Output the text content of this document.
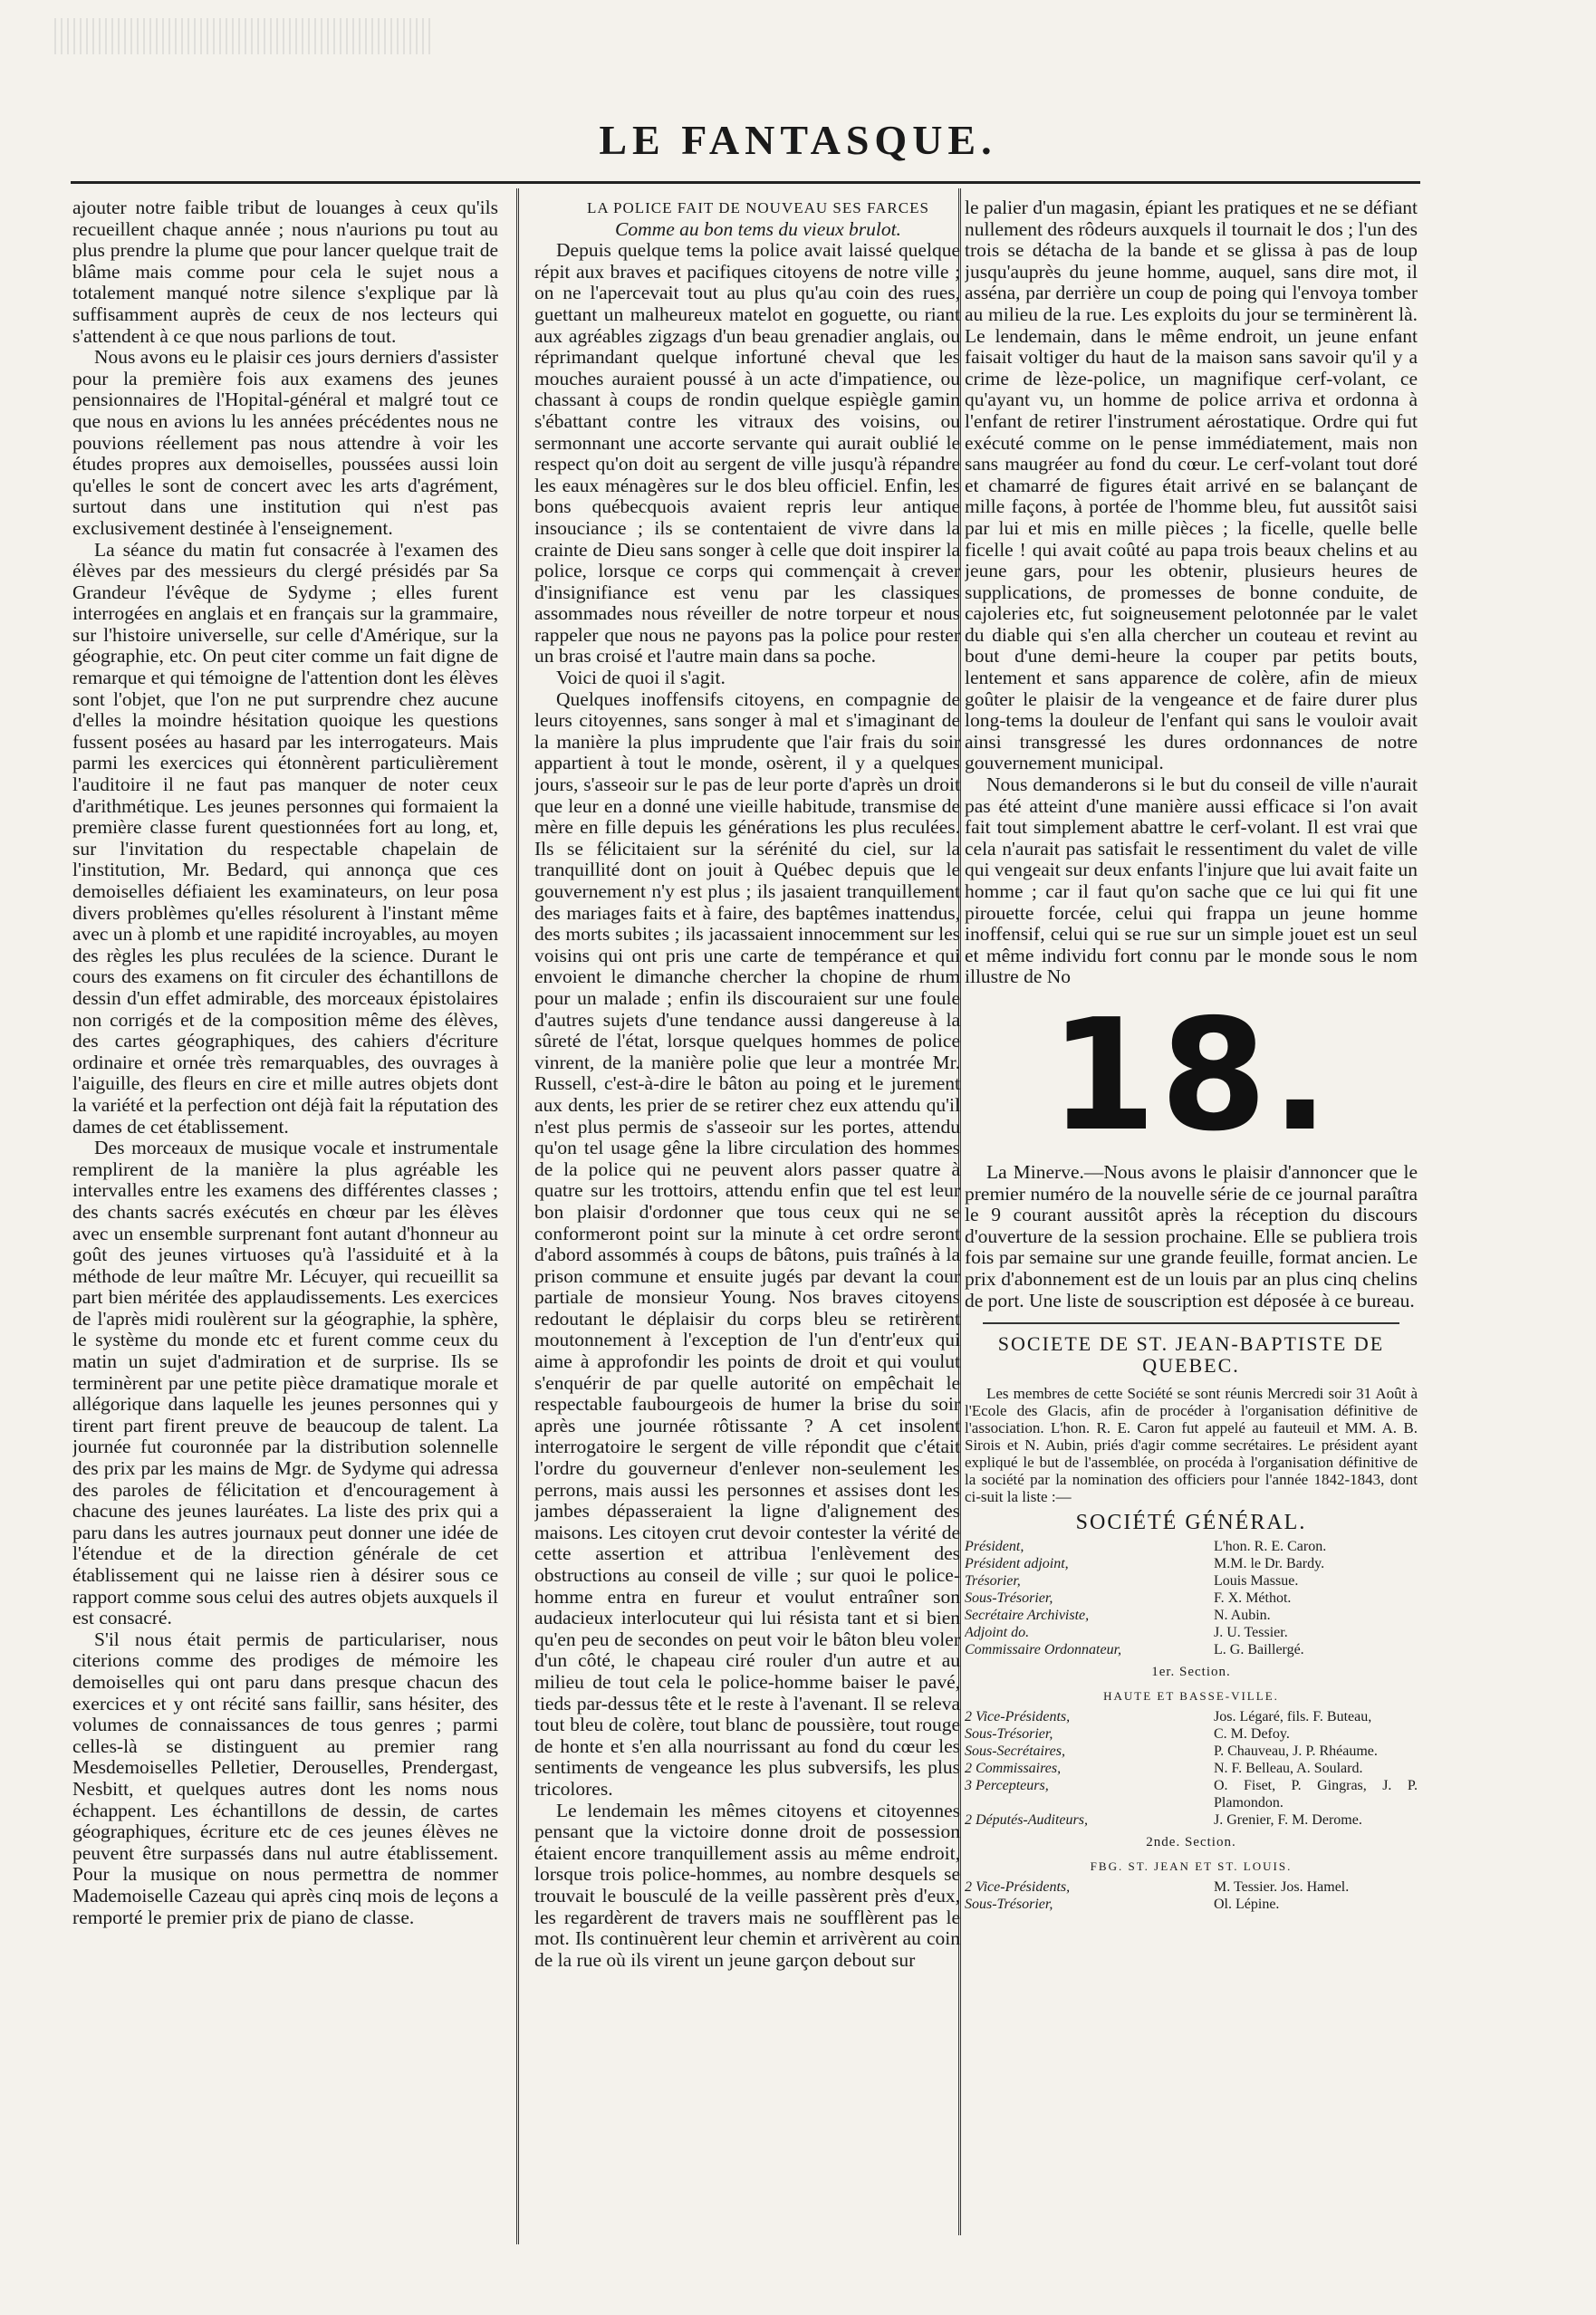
LE FANTASQUE.

ajouter notre faible tribut de louanges à ceux qu'ils recueillent chaque année ; nous n'aurions pu tout au plus prendre la plume que pour lancer quelque trait de blâme mais comme pour cela le sujet nous a totalement manqué notre silence s'explique par là suffisamment auprès de ceux de nos lecteurs qui s'attendent à ce que nous parlions de tout.

Nous avons eu le plaisir ces jours derniers d'assister pour la première fois aux examens des jeunes pensionnaires de l'Hopital-général et malgré tout ce que nous en avions lu les années précédentes nous ne pouvions réellement pas nous attendre à voir les études propres aux demoiselles, poussées aussi loin qu'elles le sont de concert avec les arts d'agrément, surtout dans une institution qui n'est pas exclusivement destinée à l'enseignement.

La séance du matin fut consacrée à l'examen des élèves par des messieurs du clergé présidés par Sa Grandeur l'évêque de Sydyme ; elles furent interrogées en anglais et en français sur la grammaire, sur l'histoire universelle, sur celle d'Amérique, sur la géographie, etc. On peut citer comme un fait digne de remarque et qui témoigne de l'attention dont les élèves sont l'objet, que l'on ne put surprendre chez aucune d'elles la moindre hésitation quoique les questions fussent posées au hasard par les interrogateurs. Mais parmi les exercices qui étonnèrent particulièrement l'auditoire il ne faut pas manquer de noter ceux d'arithmétique. Les jeunes personnes qui formaient la première classe furent questionnées fort au long, et, sur l'invitation du respectable chapelain de l'institution, Mr. Bedard, qui annonça que ces demoiselles défiaient les examinateurs, on leur posa divers problèmes qu'elles résolurent à l'instant même avec un à plomb et une rapidité incroyables, au moyen des règles les plus reculées de la science. Durant le cours des examens on fit circuler des échantillons de dessin d'un effet admirable, des morceaux épistolaires non corrigés et de la composition même des élèves, des cartes géographiques, des cahiers d'écriture ordinaire et ornée très remarquables, des ouvrages à l'aiguille, des fleurs en cire et mille autres objets dont la variété et la perfection ont déjà fait la réputation des dames de cet établissement.

Des morceaux de musique vocale et instrumentale remplirent de la manière la plus agréable les intervalles entre les examens des différentes classes ; des chants sacrés exécutés en chœur par les élèves avec un ensemble surprenant font autant d'honneur au goût des jeunes virtuoses qu'à l'assiduité et à la méthode de leur maître Mr. Lécuyer, qui recueillit sa part bien méritée des applaudissements. Les exercices de l'après midi roulèrent sur la géographie, la sphère, le système du monde etc et furent comme ceux du matin un sujet d'admiration et de surprise. Ils se terminèrent par une petite pièce dramatique morale et allégorique dans laquelle les jeunes personnes qui y tirent part firent preuve de beaucoup de talent. La journée fut couronnée par la distribution solennelle des prix par les mains de Mgr. de Sydyme qui adressa des paroles de félicitation et d'encouragement à chacune des jeunes lauréates. La liste des prix qui a paru dans les autres journaux peut donner une idée de l'étendue et de la direction générale de cet établissement qui ne laisse rien à désirer sous ce rapport comme sous celui des autres objets auxquels il est consacré.

S'il nous était permis de particulariser, nous citerions comme des prodiges de mémoire les demoiselles qui ont paru dans presque chacun des exercices et y ont récité sans faillir, sans hésiter, des volumes de connaissances de tous genres ; parmi celles-là se distinguent au premier rang Mesdemoiselles Pelletier, Derouselles, Prendergast, Nesbitt, et quelques autres dont les noms nous échappent. Les échantillons de dessin, de cartes géographiques, écriture etc de ces jeunes élèves ne peuvent être surpassés dans nul autre établissement. Pour la musique on nous permettra de nommer Mademoiselle Cazeau qui après cinq mois de leçons a remporté le premier prix de piano de classe.

LA POLICE FAIT DE NOUVEAU SES FARCES

Comme au bon tems du vieux brulot.

Depuis quelque tems la police avait laissé quelque répit aux braves et pacifiques citoyens de notre ville ; on ne l'apercevait tout au plus qu'au coin des rues, guettant un malheureux matelot en goguette, ou riant aux agréables zigzags d'un beau grenadier anglais, ou réprimandant quelque infortuné cheval que les mouches auraient poussé à un acte d'impatience, ou chassant à coups de rondin quelque espiègle gamin s'ébattant contre les vitraux des voisins, ou sermonnant une accorte servante qui aurait oublié le respect qu'on doit au sergent de ville jusqu'à répandre les eaux ménagères sur le dos bleu officiel. Enfin, les bons québecquois avaient repris leur antique insouciance ; ils se contentaient de vivre dans la crainte de Dieu sans songer à celle que doit inspirer la police, lorsque ce corps qui commençait à crever d'insignifiance est venu par les classiques assommades nous réveiller de notre torpeur et nous rappeler que nous ne payons pas la police pour rester un bras croisé et l'autre main dans sa poche.

Voici de quoi il s'agit.

Quelques inoffensifs citoyens, en compagnie de leurs citoyennes, sans songer à mal et s'imaginant de la manière la plus imprudente que l'air frais du soir appartient à tout le monde, osèrent, il y a quelques jours, s'asseoir sur le pas de leur porte d'après un droit que leur en a donné une vieille habitude, transmise de mère en fille depuis les générations les plus reculées. Ils se félicitaient sur la sérénité du ciel, sur la tranquillité dont on jouit à Québec depuis que le gouvernement n'y est plus ; ils jasaient tranquillement des mariages faits et à faire, des baptêmes inattendus, des morts subites ; ils jacassaient innocemment sur les voisins qui ont pris une carte de tempérance et qui envoient le dimanche chercher la chopine de rhum pour un malade ; enfin ils discouraient sur une foule d'autres sujets d'une tendance aussi dangereuse à la sûreté de l'état, lorsque quelques hommes de police vinrent, de la manière polie que leur a montrée Mr. Russell, c'est-à-dire le bâton au poing et le jurement aux dents, les prier de se retirer chez eux attendu qu'il n'est plus permis de s'asseoir sur les portes, attendu qu'on tel usage gêne la libre circulation des hommes de la police qui ne peuvent alors passer quatre à quatre sur les trottoirs, attendu enfin que tel est leur bon plaisir d'ordonner que tous ceux qui ne se conformeront point sur la minute à cet ordre seront d'abord assommés à coups de bâtons, puis traînés à la prison commune et ensuite jugés par devant la cour partiale de monsieur Young. Nos braves citoyens redoutant le déplaisir du corps bleu se retirèrent moutonnement à l'exception de l'un d'entr'eux qui aime à approfondir les points de droit et qui voulut s'enquérir de par quelle autorité on empêchait le respectable faubourgeois de humer la brise du soir après une journée rôtissante ? A cet insolent interrogatoire le sergent de ville répondit que c'était l'ordre du gouverneur d'enlever non-seulement les perrons, mais aussi les personnes et assises dont les jambes dépasseraient la ligne d'alignement des maisons. Les citoyen crut devoir contester la vérité de cette assertion et attribua l'enlèvement des obstructions au conseil de ville ; sur quoi le police-homme entra en fureur et voulut entraîner son audacieux interlocuteur qui lui résista tant et si bien qu'en peu de secondes on peut voir le bâton bleu voler d'un côté, le chapeau ciré rouler d'un autre et au milieu de tout cela le police-homme baiser le pavé, tieds par-dessus tête et le reste à l'avenant. Il se releva tout bleu de colère, tout blanc de poussière, tout rouge de honte et s'en alla nourrissant au fond du cœur les sentiments de vengeance les plus subversifs, les plus tricolores.

Le lendemain les mêmes citoyens et citoyennes pensant que la victoire donne droit de possession étaient encore tranquillement assis au même endroit, lorsque trois police-hommes, au nombre desquels se trouvait le bousculé de la veille passèrent près d'eux, les regardèrent de travers mais ne soufflèrent pas le mot. Ils continuèrent leur chemin et arrivèrent au coin de la rue où ils virent un jeune garçon debout sur

le palier d'un magasin, épiant les pratiques et ne se défiant nullement des rôdeurs auxquels il tournait le dos ; l'un des trois se détacha de la bande et se glissa à pas de loup jusqu'auprès du jeune homme, auquel, sans dire mot, il asséna, par derrière un coup de poing qui l'envoya tomber au milieu de la rue. Les exploits du jour se terminèrent là. Le lendemain, dans le même endroit, un jeune enfant faisait voltiger du haut de la maison sans savoir qu'il y a crime de lèze-police, un magnifique cerf-volant, ce qu'ayant vu, un homme de police arriva et ordonna à l'enfant de retirer l'instrument aérostatique. Ordre qui fut exécuté comme on le pense immédiatement, mais non sans maugréer au fond du cœur. Le cerf-volant tout doré et chamarré de figures était arrivé en se balançant de mille façons, à portée de l'homme bleu, fut aussitôt saisi par lui et mis en mille pièces ; la ficelle, quelle belle ficelle ! qui avait coûté au papa trois beaux chelins et au jeune gars, pour les obtenir, plusieurs heures de supplications, de promesses de bonne conduite, de cajoleries etc, fut soigneusement pelotonnée par le valet du diable qui s'en alla chercher un couteau et revint au bout d'une demi-heure la couper par petits bouts, lentement et sans apparence de colère, afin de mieux goûter le plaisir de la vengeance et de faire durer plus long-tems la douleur de l'enfant qui sans le vouloir avait ainsi transgressé les dures ordonnances de notre gouvernement municipal.

Nous demanderons si le but du conseil de ville n'aurait pas été atteint d'une manière aussi efficace si l'on avait fait tout simplement abattre le cerf-volant. Il est vrai que cela n'aurait pas satisfait le ressentiment du valet de ville qui vengeait sur deux enfants l'injure que lui avait faite un homme ; car il faut qu'on sache que ce lui qui fit une pirouette forcée, celui qui frappa un jeune homme inoffensif, celui qui se rue sur un simple jouet est un seul et même individu fort connu par le monde sous le nom illustre de No

18.

La Minerve.—Nous avons le plaisir d'annoncer que le premier numéro de la nouvelle série de ce journal paraîtra le 9 courant aussitôt après la réception du discours d'ouverture de la session prochaine. Elle se publiera trois fois par semaine sur une grande feuille, format ancien. Le prix d'abonnement est de un louis par an plus cinq chelins de port. Une liste de souscription est déposée à ce bureau.

SOCIETE DE ST. JEAN-BAPTISTE DE QUEBEC.

Les membres de cette Société se sont réunis Mercredi soir 31 Août à l'Ecole des Glacis, afin de procéder à l'organisation définitive de l'association. L'hon. R. E. Caron fut appelé au fauteuil et MM. A. B. Sirois et N. Aubin, priés d'agir comme secrétaires. Le président ayant expliqué le but de l'assemblée, on procéda à l'organisation définitive de la société par la nomination des officiers pour l'année 1842-1843, dont ci-suit la liste :—

SOCIÉTÉ GÉNÉRAL.
Président,	L'hon. R. E. Caron.
Président adjoint,	M.M. le Dr. Bardy.
Trésorier,	Louis Massue.
Sous-Trésorier,	F. X. Méthot.
Secrétaire Archiviste,	N. Aubin.
Adjoint do.	J. U. Tessier.
Commissaire Ordonnateur,	L. G. Baillergé.
1er. Section.
HAUTE ET BASSE-VILLE.
2 Vice-Présidents,	Jos. Légaré, fils. F. Buteau,
Sous-Trésorier,	C. M. Defoy.
Sous-Secrétaires,	P. Chauveau, J. P. Rhéaume.
2 Commissaires,	N. F. Belleau, A. Soulard.
3 Percepteurs,	O. Fiset, P. Gingras, J. P. Plamondon.
2 Députés-Auditeurs,	J. Grenier, F. M. Derome.
2nde. Section.
FBG. ST. JEAN ET ST. LOUIS.
2 Vice-Présidents,	M. Tessier. Jos. Hamel.
Sous-Trésorier,	Ol. Lépine.
